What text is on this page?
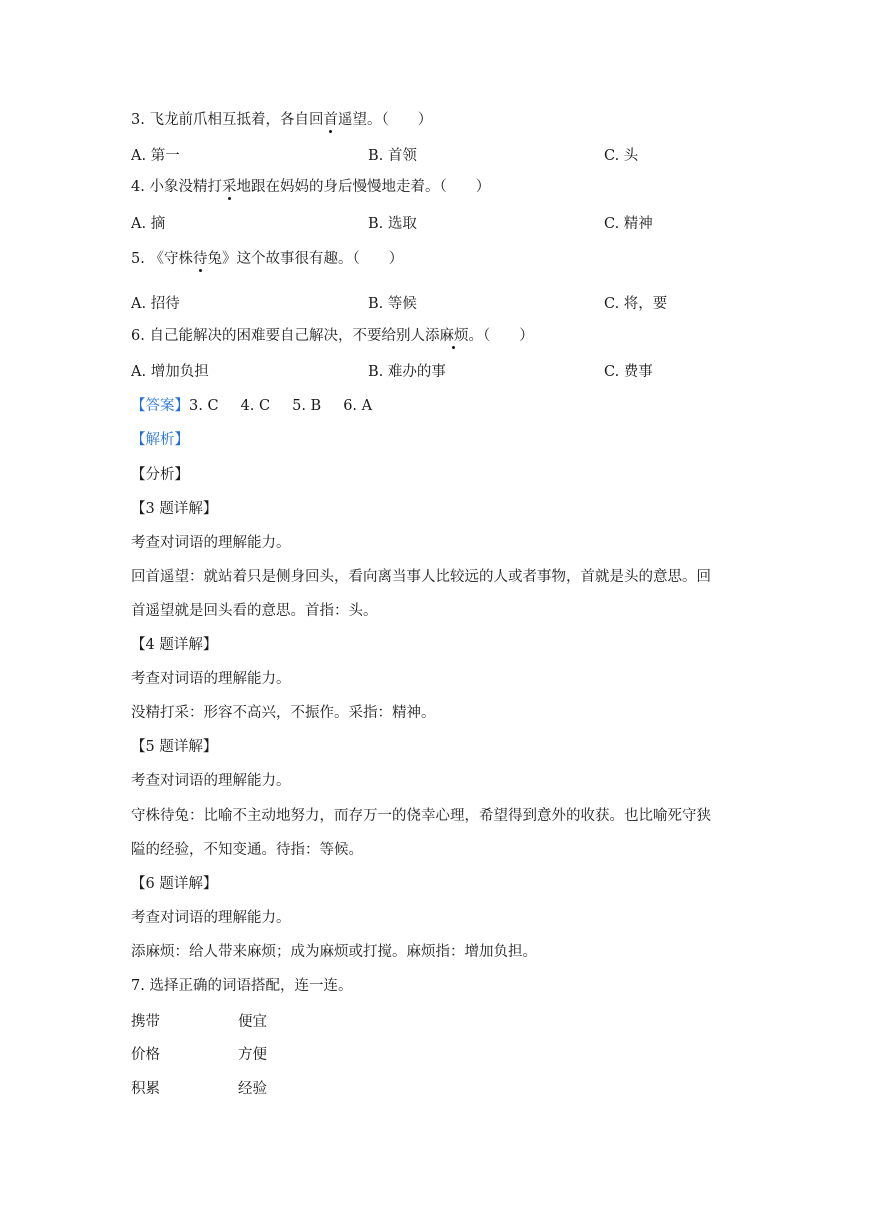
3. 飞龙前爪相互抵着，各自回首遥望。（　　）
A. 第一	B. 首领	C. 头
4. 小象没精打采地跟在妈妈的身后慢慢地走着。（　　）
A. 摘	B. 选取	C. 精神
5. 《守株待兔》这个故事很有趣。（　　）
A. 招待	B. 等候	C. 将，要
6. 自己能解决的困难要自己解决，不要给别人添麻烦。（　　）
A. 增加负担	B. 难办的事	C. 费事
【答案】3. C 4. C 5. B 6. A
【解析】
【分析】
【3 题详解】
考查对词语的理解能力。
回首遥望：就站着只是侧身回头，看向离当事人比较远的人或者事物，首就是头的意思。回
首遥望就是回头看的意思。首指：头。
【4 题详解】
考查对词语的理解能力。
没精打采：形容不高兴，不振作。采指：精神。
【5 题详解】
考查对词语的理解能力。
守株待兔：比喻不主动地努力，而存万一的侥幸心理，希望得到意外的收获。也比喻死守狭
隘的经验，不知变通。待指：等候。
【6 题详解】
考查对词语的理解能力。
添麻烦：给人带来麻烦；成为麻烦或打搅。麻烦指：增加负担。
7. 选择正确的词语搭配，连一连。
携带	便宜
价格	方便
积累	经验
